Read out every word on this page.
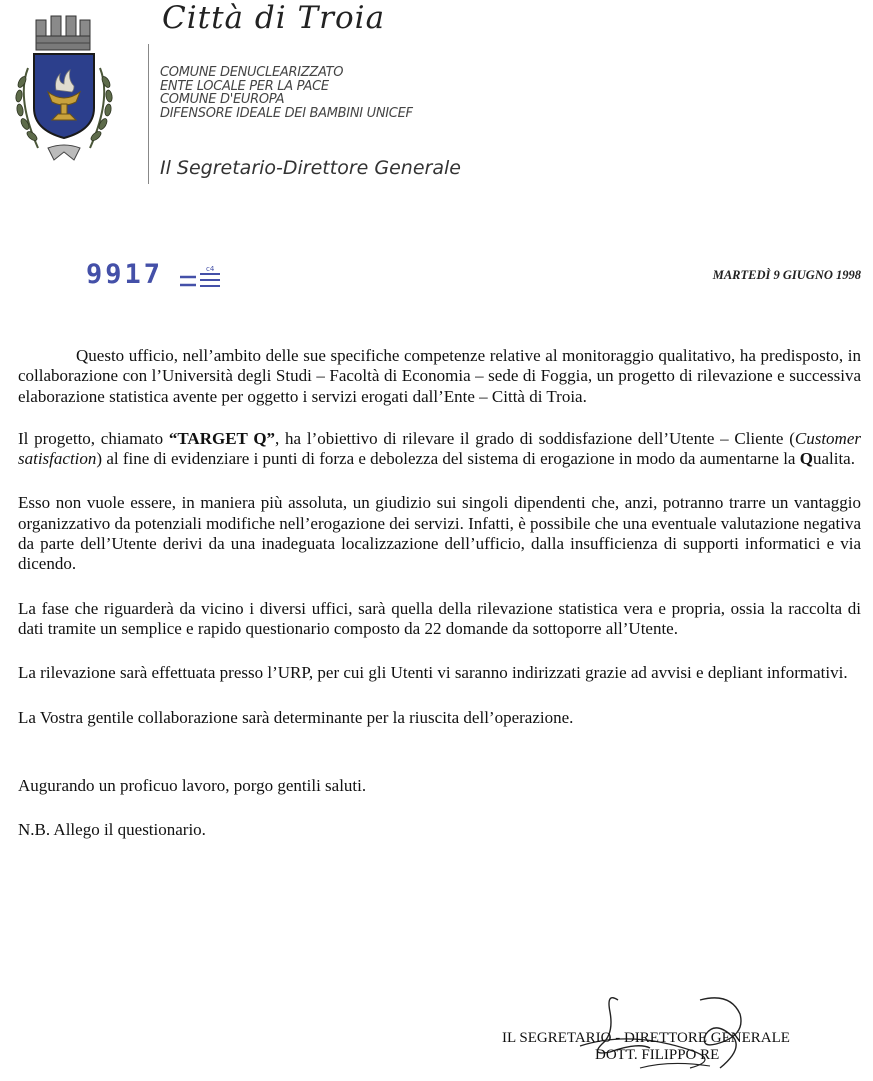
Città di Troia
COMUNE DENUCLEARIZZATO
ENTE LOCALE PER LA PACE
COMUNE D'EUROPA
DIFENSORE IDEALE DEI BAMBINI UNICEF
Il Segretario-Direttore Generale
9917	c4	MARTEDÌ 9 GIUGNO 1998

Questo ufficio, nell’ambito delle sue specifiche competenze relative al monitoraggio qualitativo, ha predisposto, in collaborazione con l’Università degli Studi – Facoltà di Economia – sede di Foggia, un progetto di rilevazione e successiva elaborazione statistica avente per oggetto i servizi erogati dall’Ente – Città di Troia.

Il progetto, chiamato “TARGET Q”, ha l’obiettivo di rilevare il grado di soddisfazione dell’Utente – Cliente (Customer satisfaction) al fine di evidenziare i punti di forza e debolezza del sistema di erogazione in modo da aumentarne la Qualita.

Esso non vuole essere, in maniera più assoluta, un giudizio sui singoli dipendenti che, anzi, potranno trarre un vantaggio organizzativo da potenziali modifiche nell’erogazione dei servizi. Infatti, è possibile che una eventuale valutazione negativa da parte dell’Utente derivi da una inadeguata localizzazione dell’ufficio, dalla insufficienza di supporti informatici e via dicendo.

La fase che riguarderà da vicino i diversi uffici, sarà quella della rilevazione statistica vera e propria, ossia la raccolta di dati tramite un semplice e rapido questionario composto da 22 domande da sottoporre all’Utente.

La rilevazione sarà effettuata presso l’URP, per cui gli Utenti vi saranno indirizzati grazie ad avvisi e depliant informativi.

La Vostra gentile collaborazione sarà determinante per la riuscita dell’operazione.

Augurando un proficuo lavoro, porgo gentili saluti.

N.B. Allego il questionario.

IL SEGRETARIO - DIRETTORE GENERALE
DOTT. FILIPPO RE
